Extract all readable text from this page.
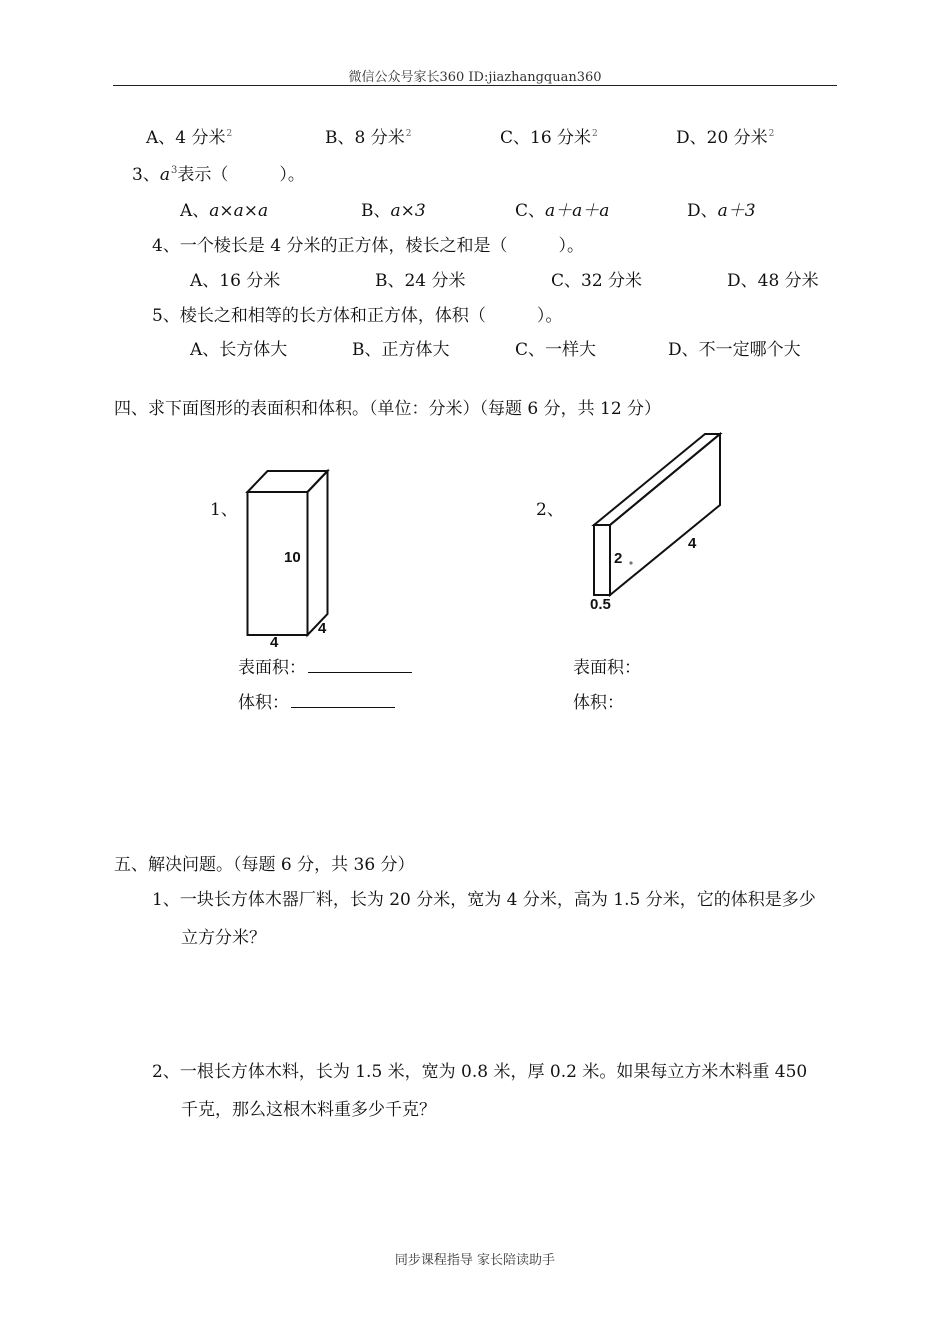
微信公众号家长360 ID:jiazhangquan360
A、4 分米$^2$	B、8 分米$^2$	C、16 分米$^2$	D、20 分米$^2$
3、$a^3$表示（　　　）。
A、a×a×a	B、a×3	C、a＋a＋a	D、a＋3
4、一个棱长是 4 分米的正方体，棱长之和是（　　　）。
A、16 分米	B、24 分米	C、32 分米	D、48 分米
5、棱长之和相等的长方体和正方体，体积（　　　）。
A、长方体大	B、正方体大	C、一样大	D、不一定哪个大
四、求下面图形的表面积和体积。（单位：分米）（每题 6 分，共 12 分）
1、	2、
10
4
4
2
4
0.5
表面积：
体积：
表面积：
体积：
五、解决问题。（每题 6 分，共 36 分）
1、一块长方体木器厂料，长为 20 分米，宽为 4 分米，高为 1.5 分米，它的体积是多少
立方分米？
2、一根长方体木料，长为 1.5 米，宽为 0.8 米，厚 0.2 米。如果每立方米木料重 450
千克，那么这根木料重多少千克？
同步课程指导 家长陪读助手
